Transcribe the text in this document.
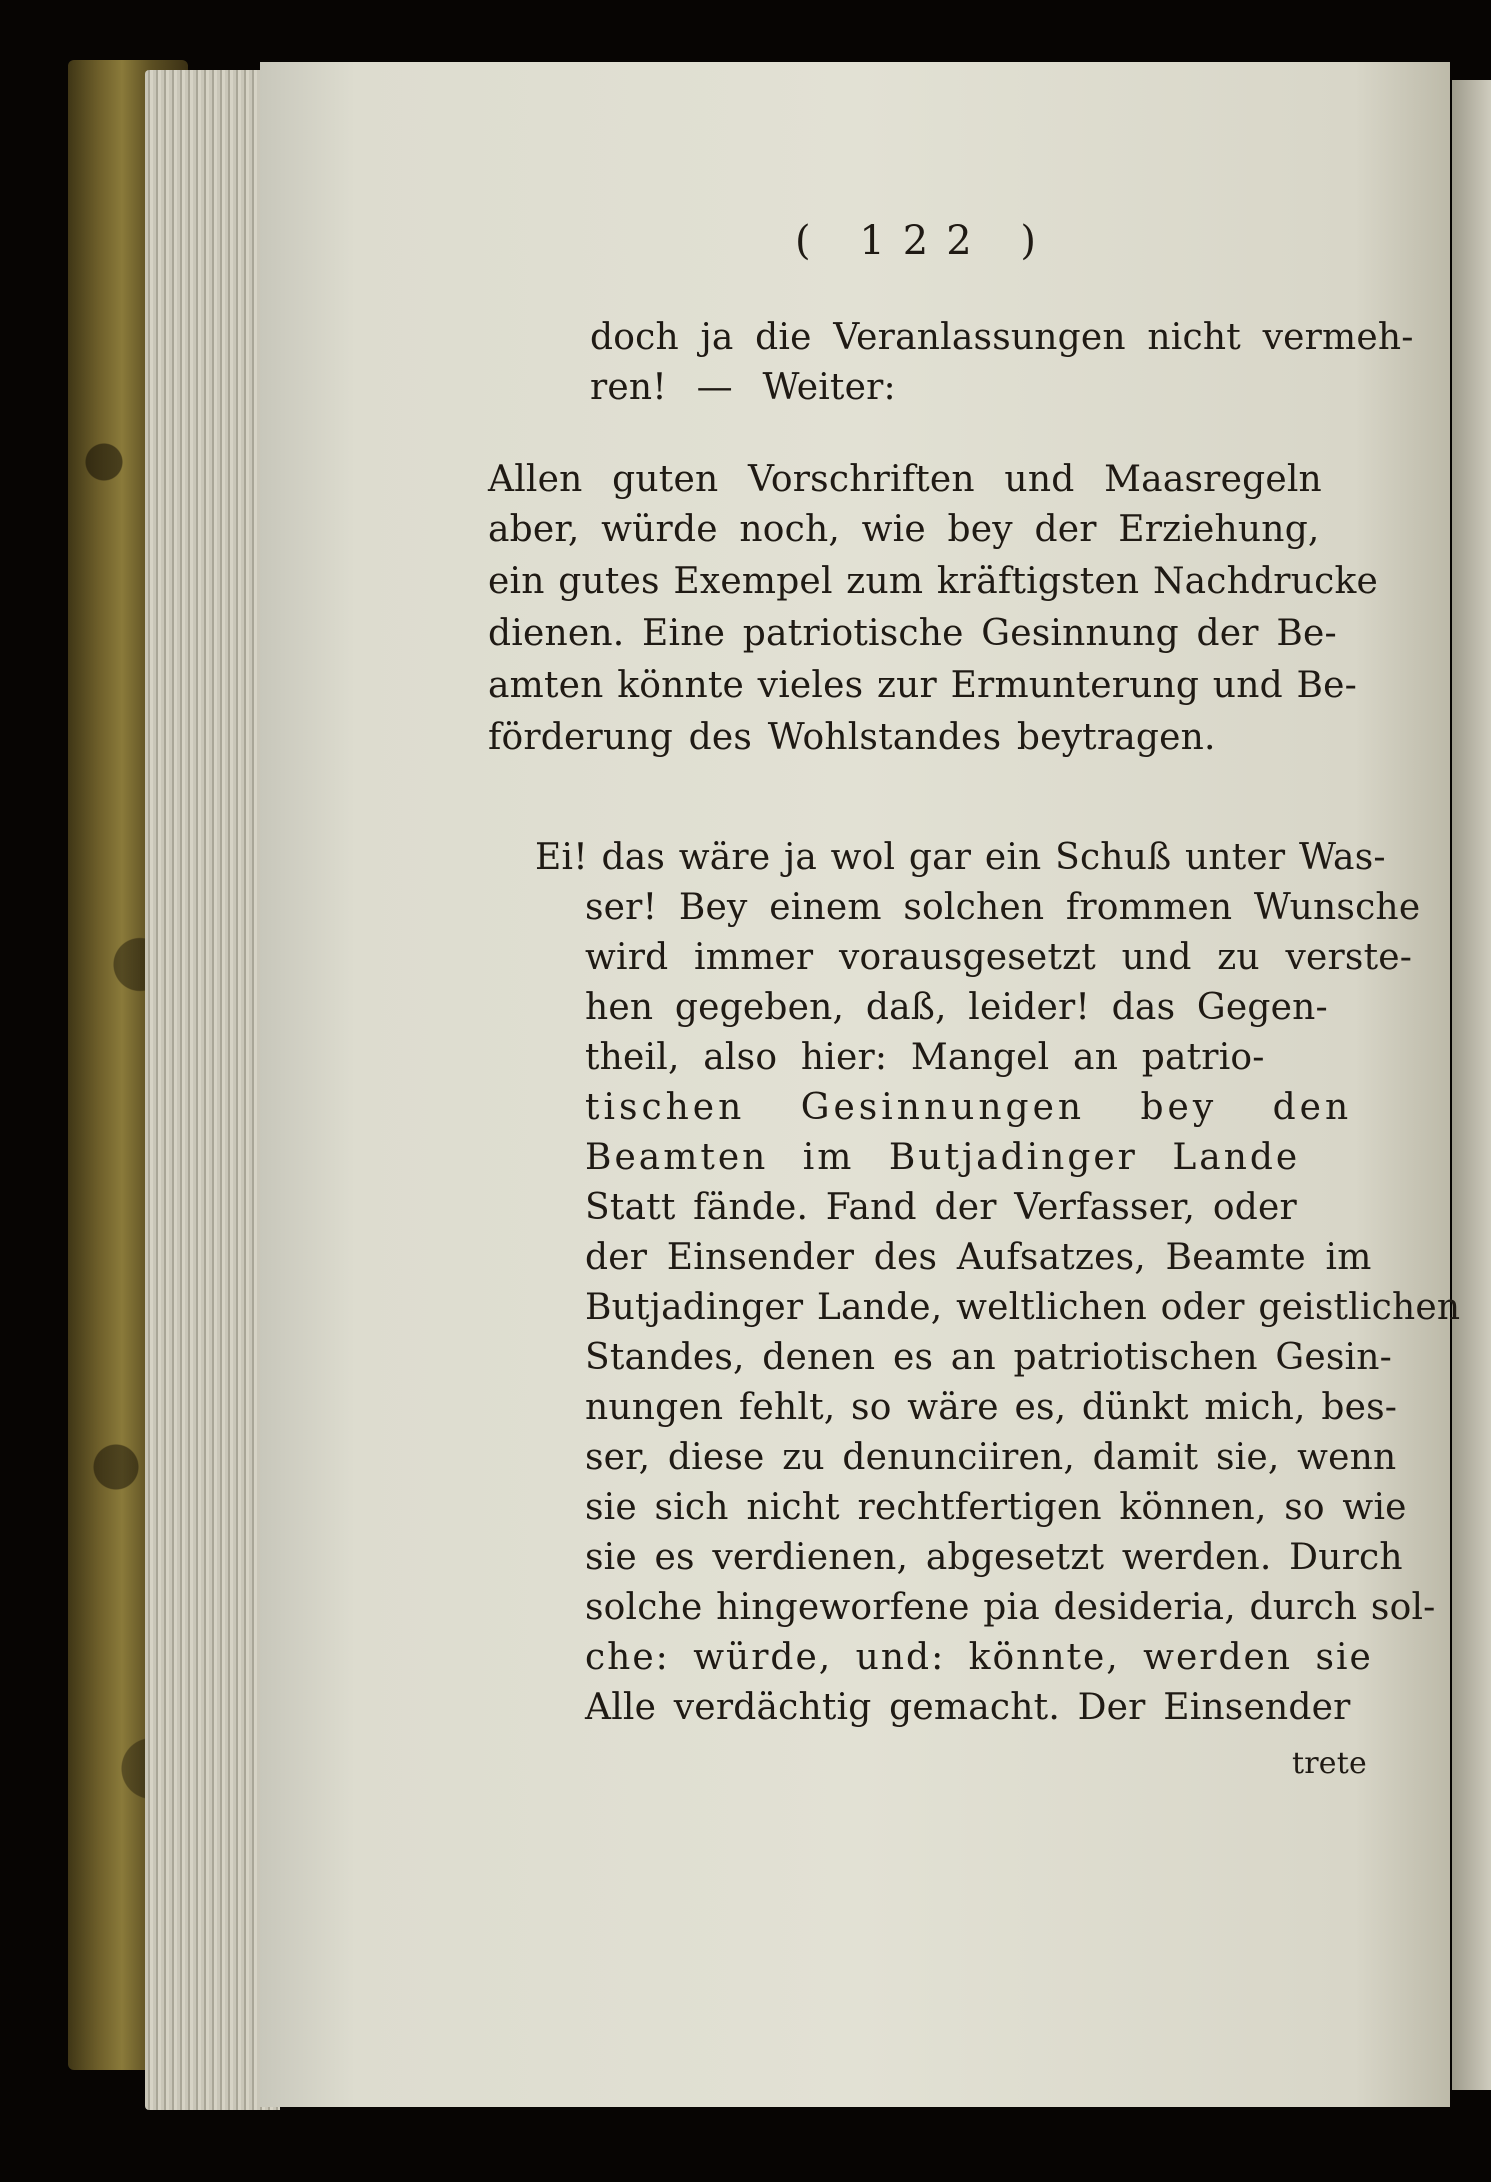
( 122 )
doch ja die Veranlassungen nicht vermeh-
ren! — Weiter:
Allen guten Vorschriften und Maasregeln
aber, würde noch, wie bey der Erziehung,
ein gutes Exempel zum kräftigsten Nachdrucke
dienen. Eine patriotische Gesinnung der Be-
amten könnte vieles zur Ermunterung und Be-
förderung des Wohlstandes beytragen.
Ei! das wäre ja wol gar ein Schuß unter Was-
ser! Bey einem solchen frommen Wunsche
wird immer vorausgesetzt und zu verste-
hen gegeben, daß, leider! das Gegen-
theil, also hier: Mangel an patrio-
tischen Gesinnungen bey den
Beamten im Butjadinger Lande
Statt fände. Fand der Verfasser, oder
der Einsender des Aufsatzes, Beamte im
Butjadinger Lande, weltlichen oder geistlichen
Standes, denen es an patriotischen Gesin-
nungen fehlt, so wäre es, dünkt mich, bes-
ser, diese zu denunciiren, damit sie, wenn
sie sich nicht rechtfertigen können, so wie
sie es verdienen, abgesetzt werden. Durch
solche hingeworfene pia desideria, durch sol-
che: würde, und: könnte, werden sie
Alle verdächtig gemacht. Der Einsender
trete
